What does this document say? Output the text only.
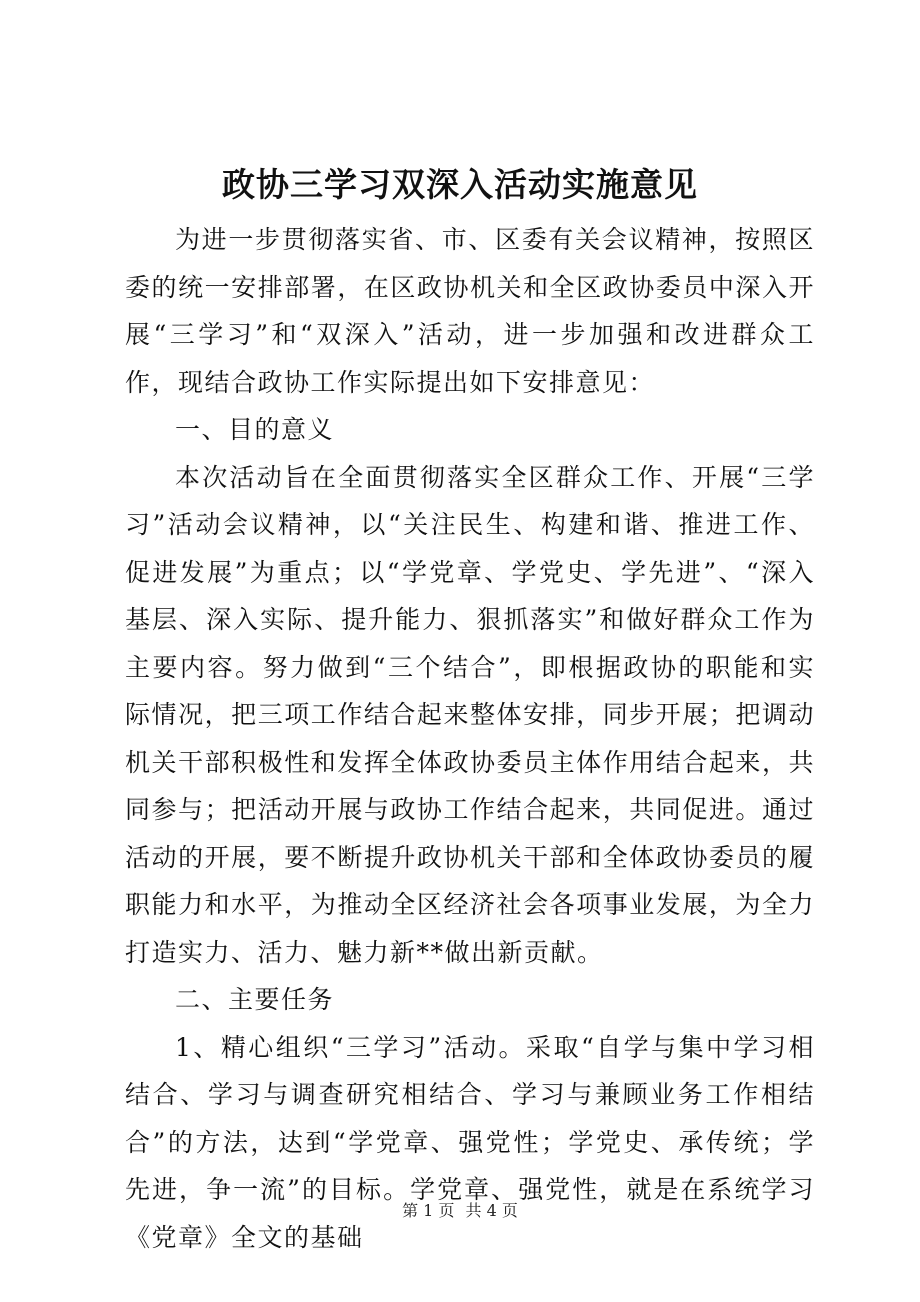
政协三学习双深入活动实施意见

为进一步贯彻落实省、市、区委有关会议精神，按照区委的统一安排部署，在区政协机关和全区政协委员中深入开展“三学习”和“双深入”活动，进一步加强和改进群众工作，现结合政协工作实际提出如下安排意见：

一、目的意义

本次活动旨在全面贯彻落实全区群众工作、开展“三学习”活动会议精神，以“关注民生、构建和谐、推进工作、促进发展”为重点；以“学党章、学党史、学先进”、“深入基层、深入实际、提升能力、狠抓落实”和做好群众工作为主要内容。努力做到“三个结合”，即根据政协的职能和实际情况，把三项工作结合起来整体安排，同步开展；把调动机关干部积极性和发挥全体政协委员主体作用结合起来，共同参与；把活动开展与政协工作结合起来，共同促进。通过活动的开展，要不断提升政协机关干部和全体政协委员的履职能力和水平，为推动全区经济社会各项事业发展，为全力打造实力、活力、魅力新**做出新贡献。

二、主要任务

1、精心组织“三学习”活动。采取“自学与集中学习相结合、学习与调查研究相结合、学习与兼顾业务工作相结合”的方法，达到“学党章、强党性；学党史、承传统；学先进，争一流”的目标。学党章、强党性，就是在系统学习《党章》全文的基础

第 1 页 共 4 页
